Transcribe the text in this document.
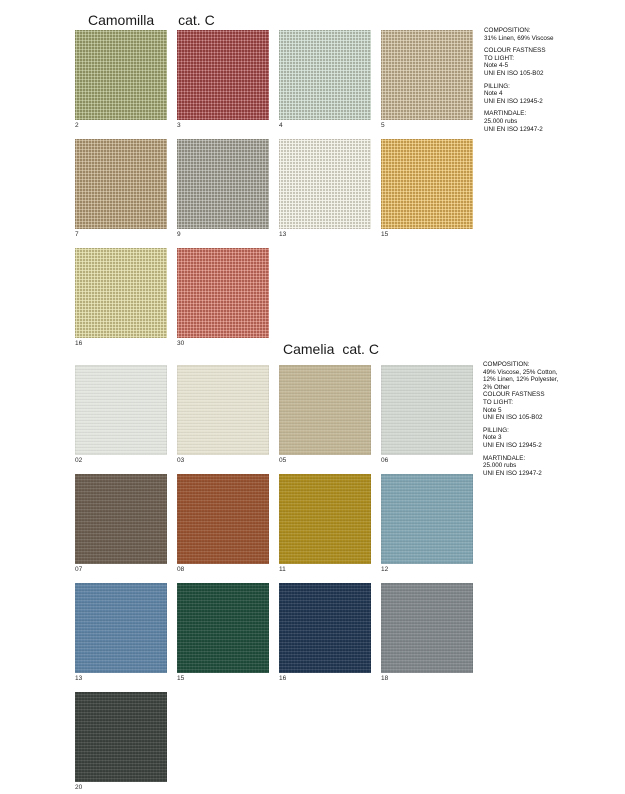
Camomilla cat. C
2	3	4	5
7	9	13	15
16	30

COMPOSITION:
31% Linen, 69% Viscose

COLOUR FASTNESS
TO LIGHT:
Note 4-5
UNI EN ISO 105-B02

PILLING:
Note 4
UNI EN ISO 12945-2

MARTINDALE:
25.000 rubs
UNI EN ISO 12947-2

Camelia cat. C
02	03	05	06
07	08	11	12
13	15	16	18
20

COMPOSITION:
49% Viscose, 25% Cotton,
12% Linen, 12% Polyester,
2% Other
COLOUR FASTNESS
TO LIGHT:
Note 5
UNI EN ISO 105-B02

PILLING:
Note 3
UNI EN ISO 12945-2

MARTINDALE:
25.000 rubs
UNI EN ISO 12947-2
